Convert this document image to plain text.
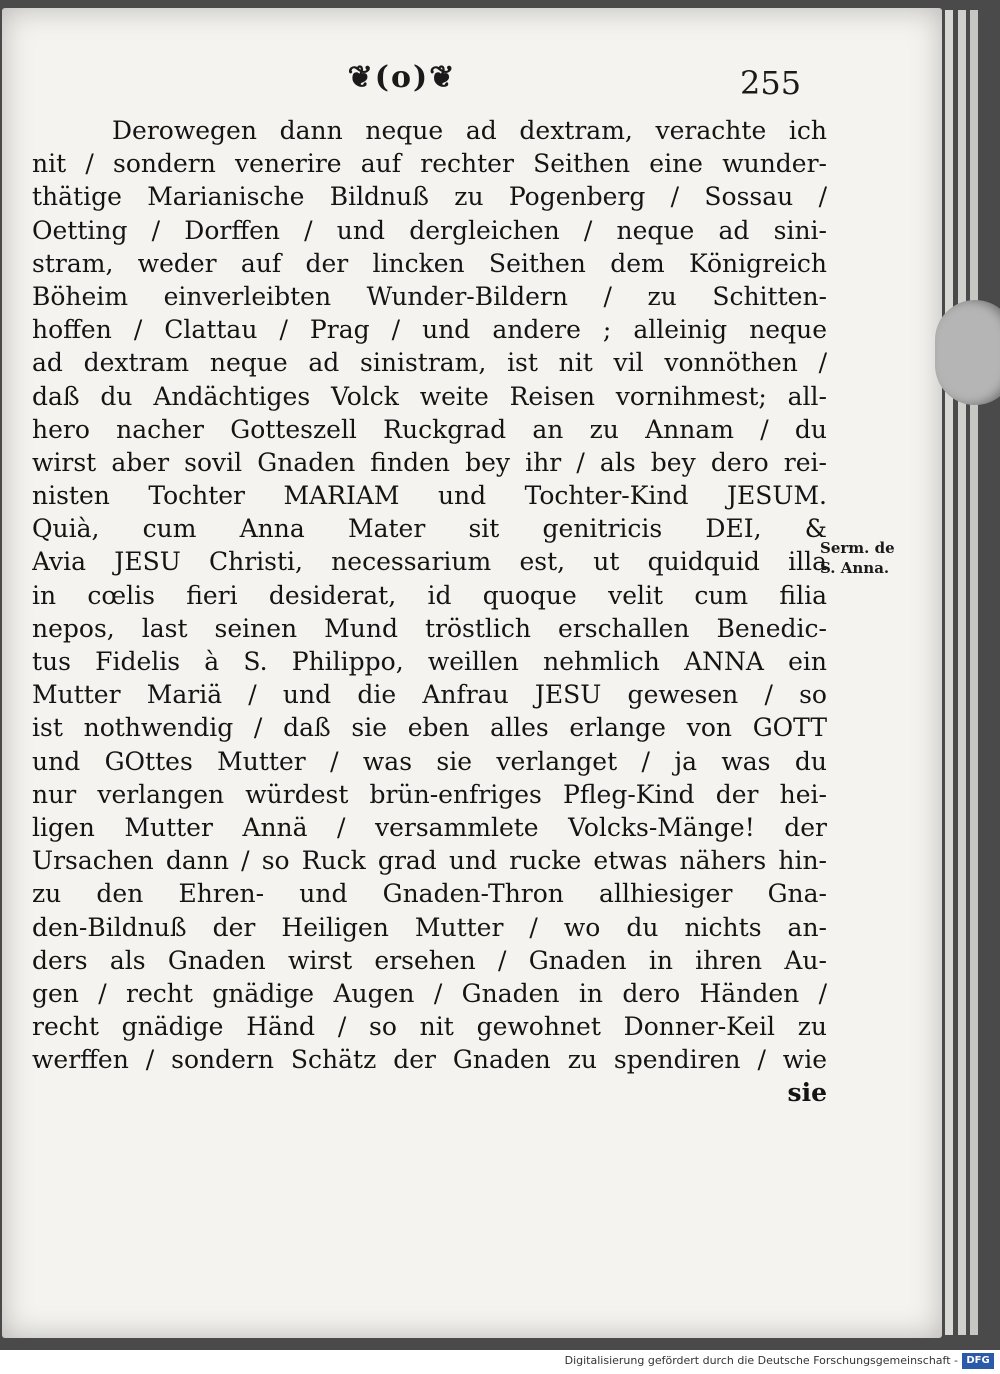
❦(o)❦	255
Derowegen dann neque ad dextram, verachte ich
nit / sondern venerire auf rechter Seithen eine wunder-
thätige Marianische Bildnuß zu Pogenberg / Sossau /
Oetting / Dorffen / und dergleichen / neque ad sini-
stram, weder auf der lincken Seithen dem Königreich
Böheim einverleibten Wunder-Bildern / zu Schitten-
hoffen / Clattau / Prag / und andere ; alleinig neque
ad dextram neque ad sinistram, ist nit vil vonnöthen /
daß du Andächtiges Volck weite Reisen vornihmest; all-
hero nacher Gotteszell Ruckgrad an zu Annam / du
wirst aber sovil Gnaden finden bey ihr / als bey dero rei-
nisten Tochter MARIAM und Tochter-Kind JESUM.
Quià, cum Anna Mater sit genitricis DEI, &
Avia JESU Christi, necessarium est, ut quidquid illa
in cœlis fieri desiderat, id quoque velit cum filia
nepos, last seinen Mund tröstlich erschallen Benedic-
tus Fidelis à S. Philippo, weillen nehmlich ANNA ein
Mutter Mariä / und die Anfrau JESU gewesen / so
ist nothwendig / daß sie eben alles erlange von GOTT
und GOttes Mutter / was sie verlanget / ja was du
nur verlangen würdest brün-enfriges Pfleg-Kind der hei-
ligen Mutter Annä / versammlete Volcks-Mänge! der
Ursachen dann / so Ruck grad und rucke etwas nähers hin-
zu den Ehren- und Gnaden-Thron allhiesiger Gna-
den-Bildnuß der Heiligen Mutter / wo du nichts an-
ders als Gnaden wirst ersehen / Gnaden in ihren Au-
gen / recht gnädige Augen / Gnaden in dero Händen /
recht gnädige Händ / so nit gewohnet Donner-Keil zu
werffen / sondern Schätz der Gnaden zu spendiren / wie
sie
Serm. de
S. Anna.
Digitalisierung gefördert durch die Deutsche Forschungsgemeinschaft - DFG
